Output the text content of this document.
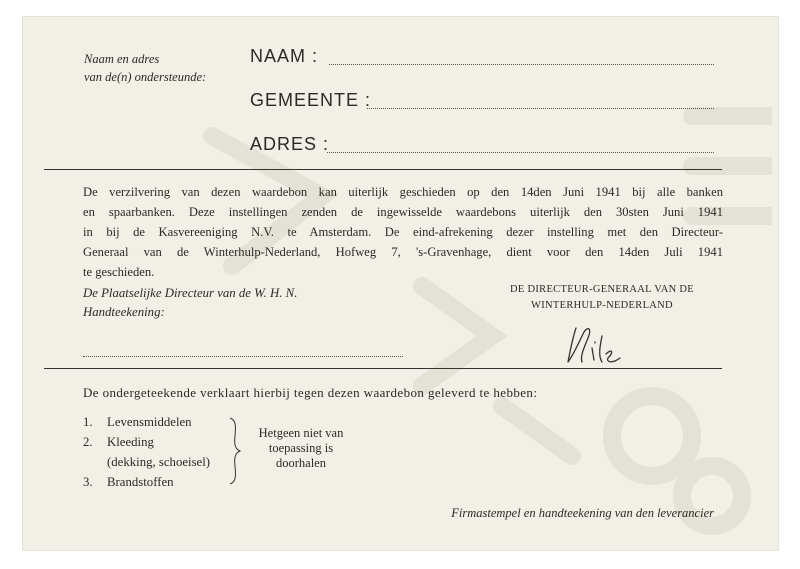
Naam en adres
van de(n) ondersteunde:
NAAM :
GEMEENTE :
ADRES :
De verzilvering van dezen waardebon kan uiterlijk geschieden op den 14den Juni 1941 bij alle banken
en spaarbanken. Deze instellingen zenden de ingewisselde waardebons uiterlijk den 30sten Juni 1941
in bij de Kasvereeniging N.V. te Amsterdam. De eind-afrekening dezer instelling met den Directeur-
Generaal van de Winterhulp-Nederland, Hofweg 7, 's-Gravenhage, dient voor den 14den Juli 1941
te geschieden.
De Plaatselijke Directeur van de W. H. N.
Handteekening:
DE DIRECTEUR-GENERAAL VAN DE
WINTERHULP-NEDERLAND
De ondergeteekende verklaart hierbij tegen dezen waardebon geleverd te hebben:
1. Levensmiddelen
2. Kleeding
(dekking, schoeisel)
3. Brandstoffen
Hetgeen niet van
toepassing is
doorhalen
Firmastempel en handteekening van den leverancier
